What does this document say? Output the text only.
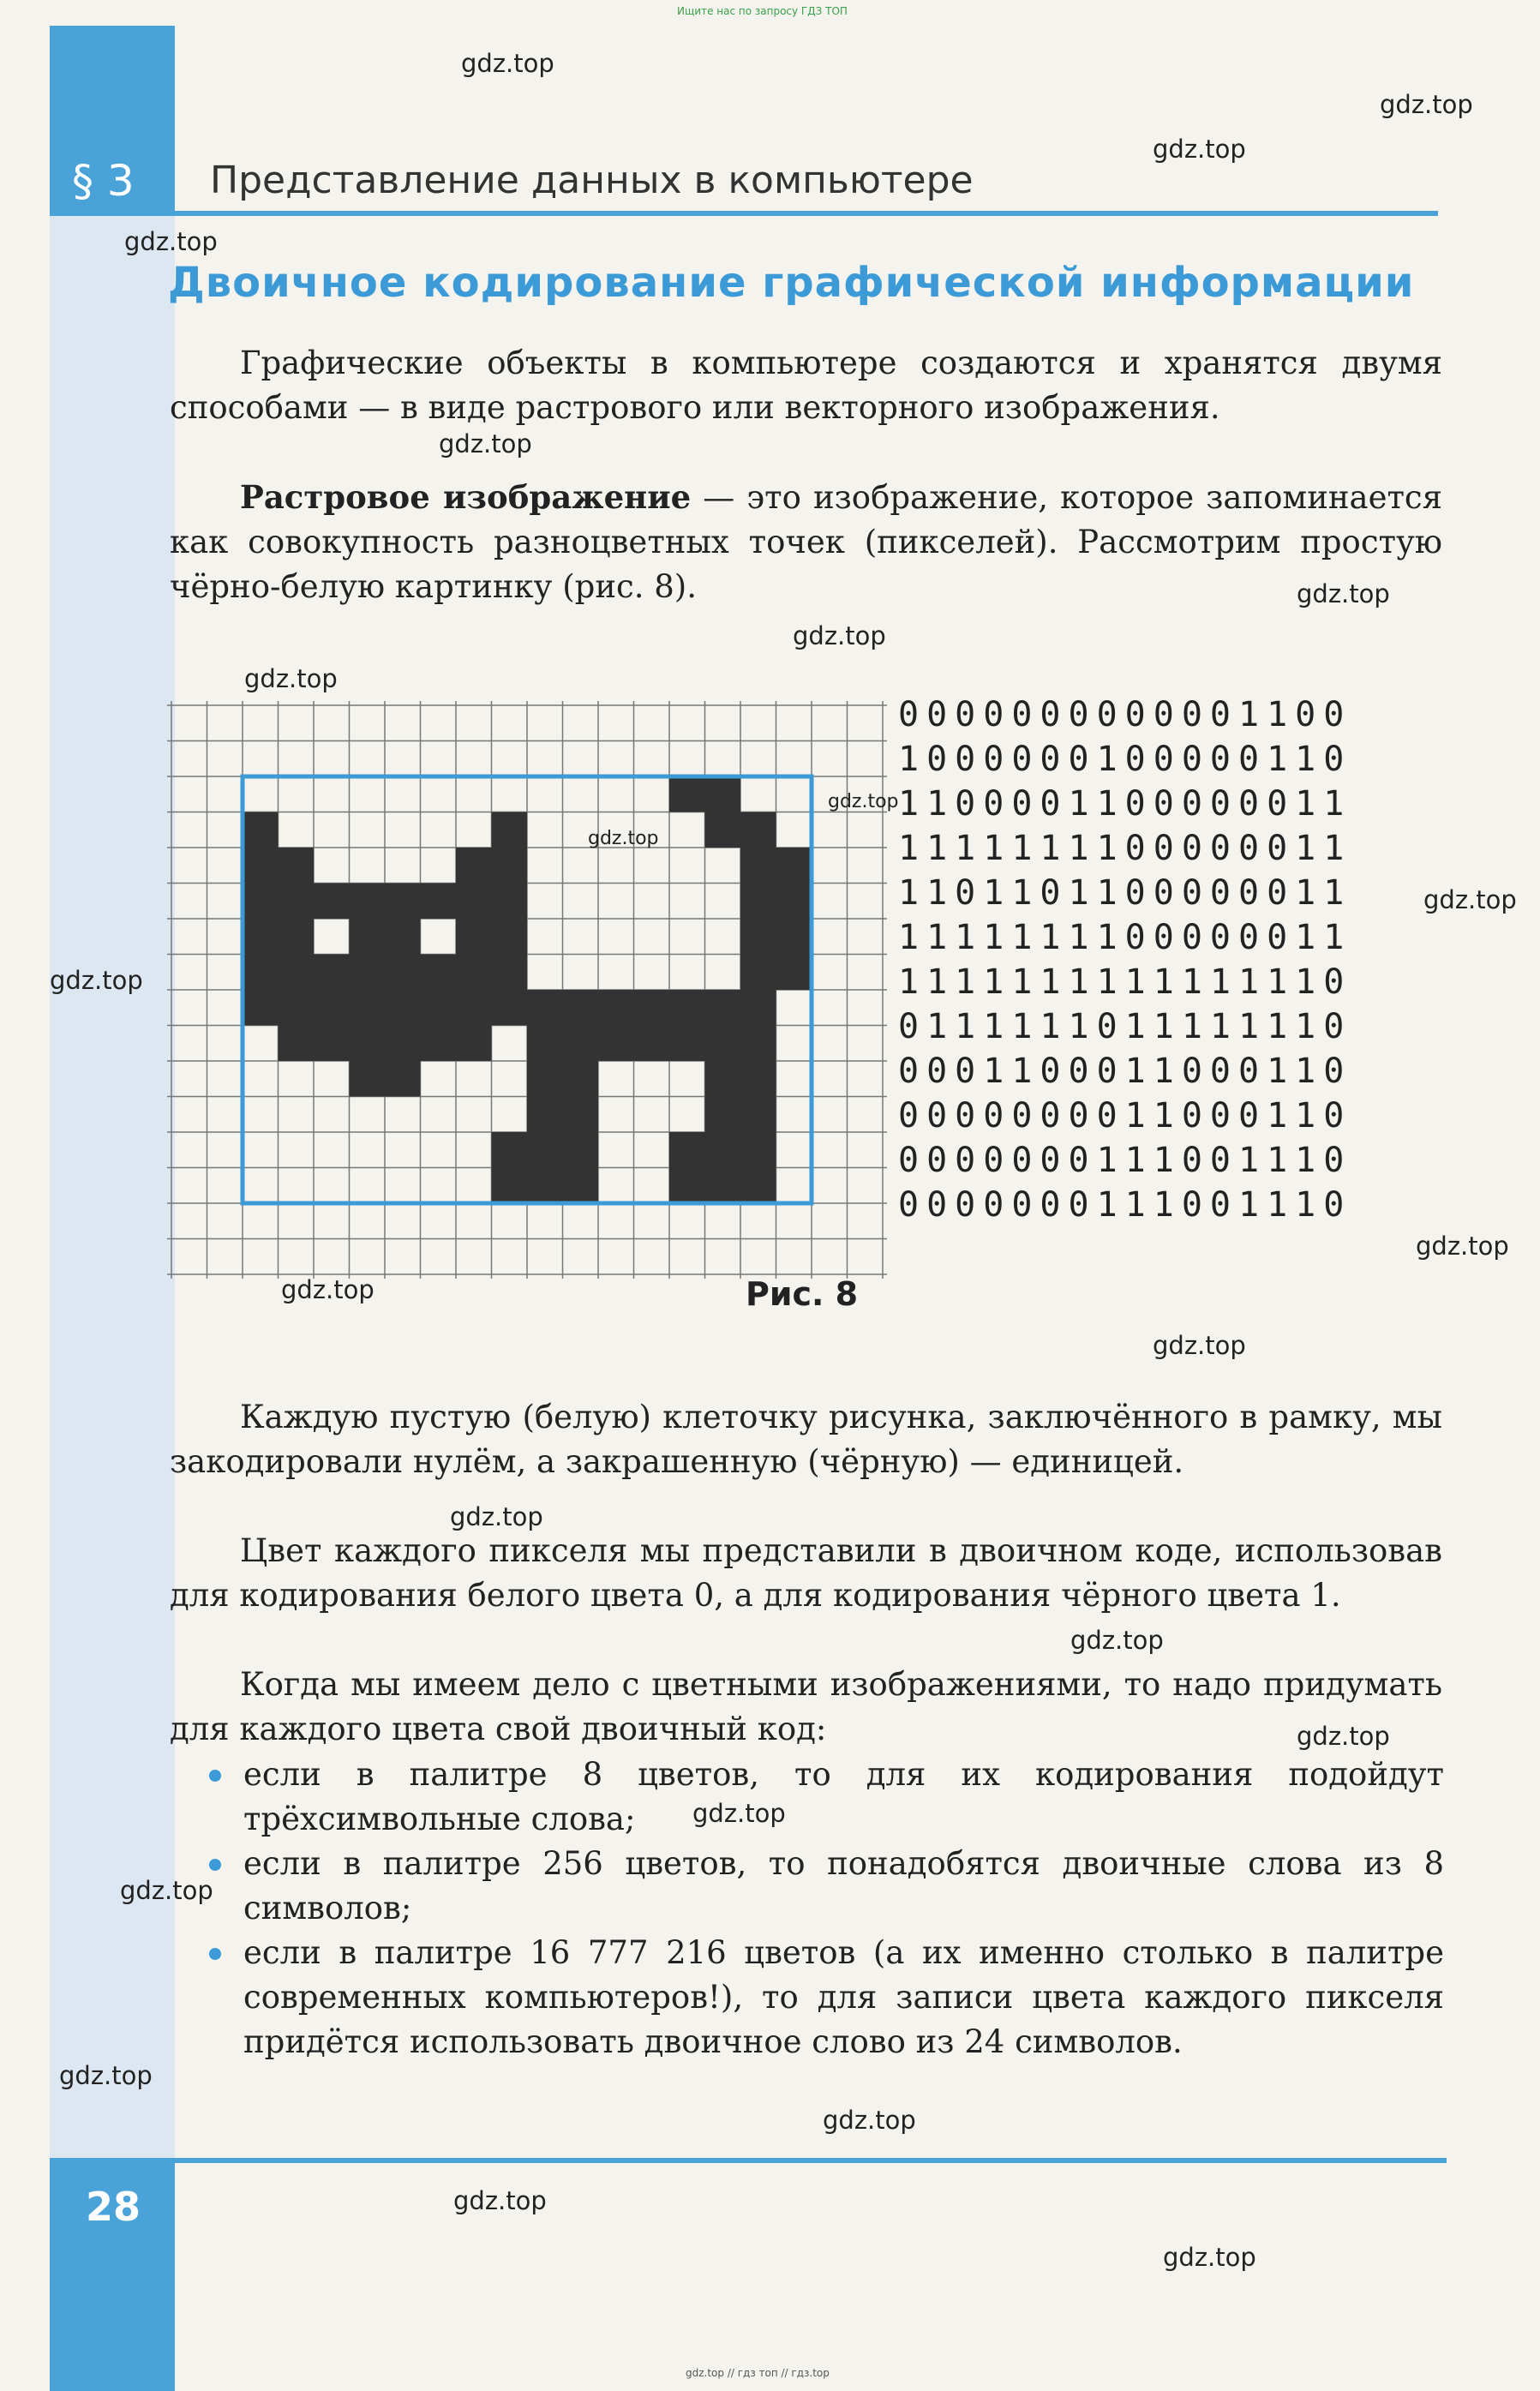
Ищите нас по запросу ГДЗ ТОП
§ 3 Представление данных в компьютере
Двоичное кодирование графической информации
Графические объекты в компьютере создаются и хранятся двумя способами — в виде растрового или векторного изображения.
Растровое изображение — это изображение, которое запоминается как совокупность разноцветных точек (пикселей). Рассмотрим простую чёрно-белую картинку (рис. 8).
0000000000001100
1000000100000110
1100001100000011
1111111100000011
1101101100000011
1111111100000011
1111111111111110
0111111011111110
0001100011000110
0000000011000110
0000000111001110
0000000111001110
Рис. 8
Каждую пустую (белую) клеточку рисунка, заключённого в рамку, мы закодировали нулём, а закрашенную (чёрную) — единицей.
Цвет каждого пикселя мы представили в двоичном коде, использовав для кодирования белого цвета 0, а для кодирования чёрного цвета 1.
Когда мы имеем дело с цветными изображениями, то надо придумать для каждого цвета свой двоичный код:
если в палитре 8 цветов, то для их кодирования подойдут трёхсимвольные слова;
если в палитре 256 цветов, то понадобятся двоичные слова из 8 символов;
если в палитре 16 777 216 цветов (а их именно столько в палитре современных компьютеров!), то для записи цвета каждого пикселя придётся использовать двоичное слово из 24 символов.
28
gdz.top
gdz.top
gdz.top
gdz.top
gdz.top
gdz.top
gdz.top
gdz.top
gdz.top
gdz.top
gdz.top
gdz.top
gdz.top
gdz.top
gdz.top
gdz.top
gdz.top
gdz.top
gdz.top
gdz.top
gdz.top
gdz.top
gdz.top
gdz.top
gdz.top // гдз топ // гдз.top
